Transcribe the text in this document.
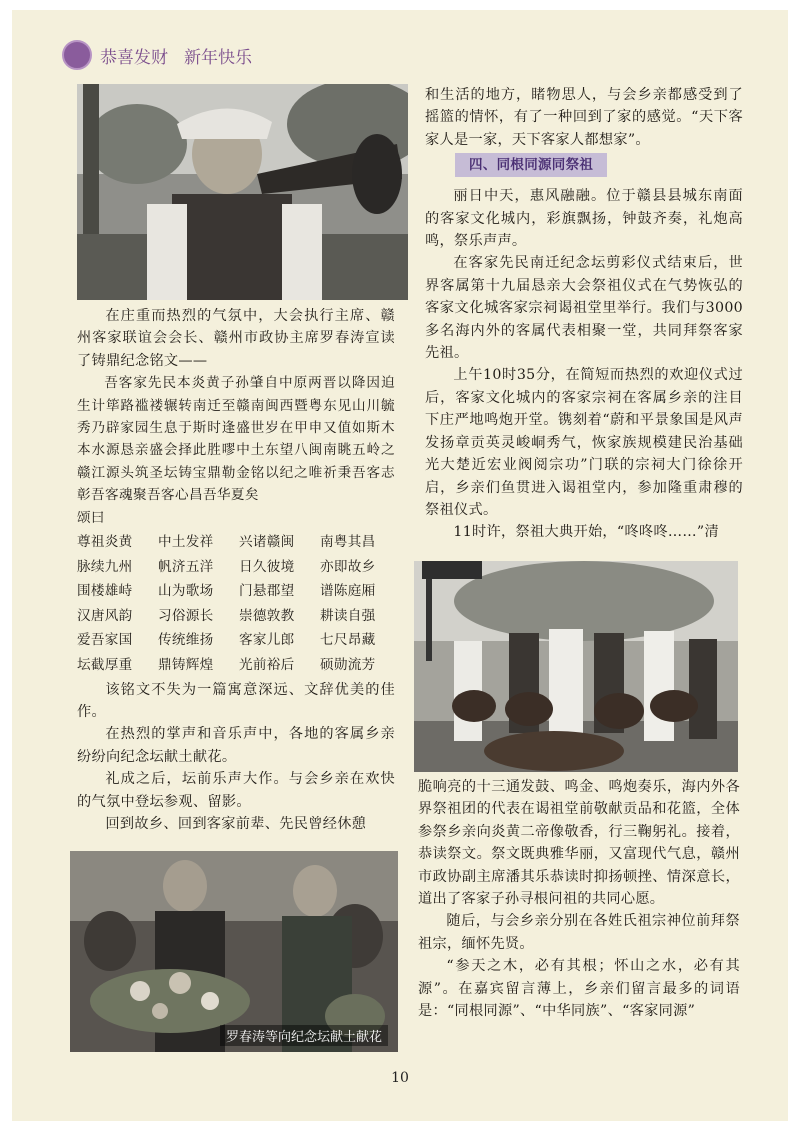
恭喜发财 新年快乐
罗春涛等向纪念坛献土献花

在庄重而热烈的气氛中，大会执行主席、赣州客家联谊会会长、赣州市政协主席罗春涛宣读了铸鼎纪念铭文——

吾客家先民本炎黄子孙肇自中原两晋以降因迫生计筚路褴褛辗转南迁至赣南闽西暨粤东见山川毓秀乃辟家园生息于斯时逢盛世岁在甲申又值如斯木本水源恳亲盛会择此胜嘐中土东望八闽南眺五岭之赣江源头筑圣坛铸宝鼎勒金铭以纪之唯祈秉吾客志彰吾客魂聚吾客心昌吾华夏矣

颂曰

尊祖炎黄	中土发祥	兴诸赣闽	南粤其昌
脉续九州	帆济五洋	日久彼境	亦即故乡
围楼雄峙	山为歌场	门悬郡望	谱陈庭厢
汉唐风韵	习俗源长	崇德敦教	耕读自强
爱吾家国	传统维扬	客家儿郎	七尺昂藏
坛截厚重	鼎铸辉煌	光前裕后	硕勋流芳

该铭文不失为一篇寓意深远、文辞优美的佳作。

在热烈的掌声和音乐声中，各地的客属乡亲纷纷向纪念坛献土献花。

礼成之后，坛前乐声大作。与会乡亲在欢快的气氛中登坛参观、留影。

回到故乡、回到客家前辈、先民曾经休憩

和生活的地方，睹物思人，与会乡亲都感受到了摇篮的情怀，有了一种回到了家的感觉。“天下客家人是一家，天下客家人都想家”。

四、同根同源同祭祖

丽日中天，惠风融融。位于赣县县城东南面的客家文化城内，彩旗飘扬，钟鼓齐奏，礼炮高鸣，祭乐声声。

在客家先民南迁纪念坛剪彩仪式结束后，世界客属第十九届恳亲大会祭祖仪式在气势恢弘的客家文化城客家宗祠谒祖堂里举行。我们与3000多名海内外的客属代表相聚一堂，共同拜祭客家先祖。

上午10时35分，在简短而热烈的欢迎仪式过后，客家文化城内的客家宗祠在客属乡亲的注目下庄严地鸣炮开堂。镌刻着“蔚和平景象国是风声发扬章贡英灵峻峒秀气，恢家族规模建民治基础光大楚近宏业阀阅宗功”门联的宗祠大门徐徐开启，乡亲们鱼贯进入谒祖堂内，参加隆重肃穆的祭祖仪式。

11时许，祭祖大典开始，“咚咚咚……”清

脆响亮的十三通发鼓、鸣金、鸣炮奏乐，海内外各界祭祖团的代表在谒祖堂前敬献贡品和花篮，全体参祭乡亲向炎黄二帝像敬香，行三鞠躬礼。接着，恭读祭文。祭文既典雅华丽，又富现代气息，赣州市政协副主席潘其乐恭读时抑扬顿挫、情深意长，道出了客家子孙寻根问祖的共同心愿。

随后，与会乡亲分别在各姓氏祖宗神位前拜祭祖宗，缅怀先贤。

“参天之木，必有其根；怀山之水，必有其源”。在嘉宾留言薄上，乡亲们留言最多的词语是：“同根同源”、“中华同族”、“客家同源”

10
